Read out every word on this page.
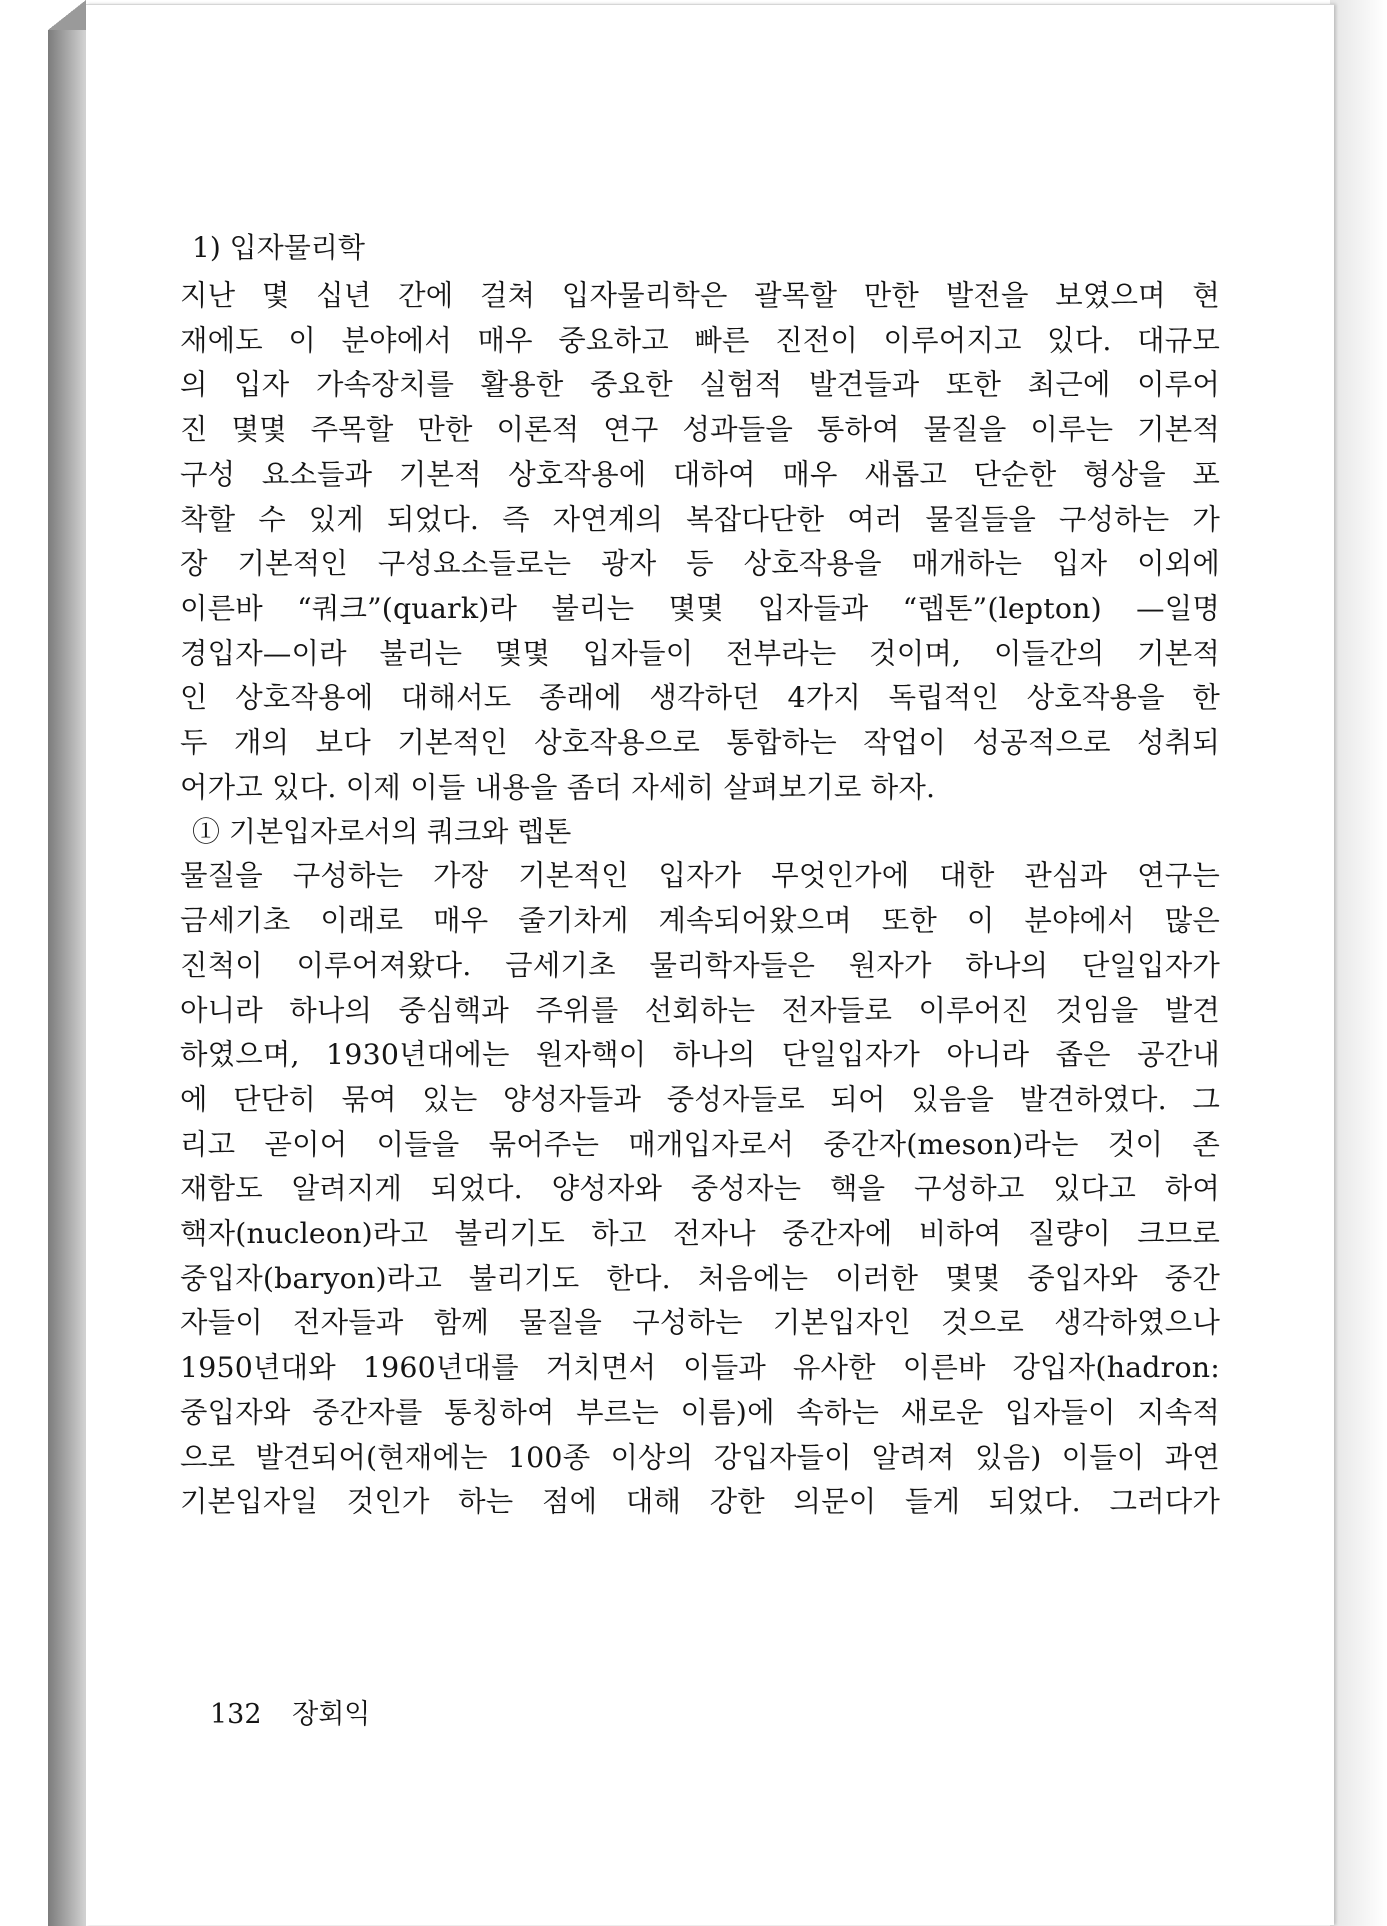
1) 입자물리학
지난 몇 십년 간에 걸쳐 입자물리학은 괄목할 만한 발전을 보였으며 현
재에도 이 분야에서 매우 중요하고 빠른 진전이 이루어지고 있다. 대규모
의 입자 가속장치를 활용한 중요한 실험적 발견들과 또한 최근에 이루어
진 몇몇 주목할 만한 이론적 연구 성과들을 통하여 물질을 이루는 기본적
구성 요소들과 기본적 상호작용에 대하여 매우 새롭고 단순한 형상을 포
착할 수 있게 되었다. 즉 자연계의 복잡다단한 여러 물질들을 구성하는 가
장 기본적인 구성요소들로는 광자 등 상호작용을 매개하는 입자 이외에
이른바 “쿼크”(quark)라 불리는 몇몇 입자들과 “렙톤”(lepton) —일명
경입자—이라 불리는 몇몇 입자들이 전부라는 것이며, 이들간의 기본적
인 상호작용에 대해서도 종래에 생각하던 4가지 독립적인 상호작용을 한
두 개의 보다 기본적인 상호작용으로 통합하는 작업이 성공적으로 성취되
어가고 있다. 이제 이들 내용을 좀더 자세히 살펴보기로 하자.
① 기본입자로서의 쿼크와 렙톤
물질을 구성하는 가장 기본적인 입자가 무엇인가에 대한 관심과 연구는
금세기초 이래로 매우 줄기차게 계속되어왔으며 또한 이 분야에서 많은
진척이 이루어져왔다. 금세기초 물리학자들은 원자가 하나의 단일입자가
아니라 하나의 중심핵과 주위를 선회하는 전자들로 이루어진 것임을 발견
하였으며, 1930년대에는 원자핵이 하나의 단일입자가 아니라 좁은 공간내
에 단단히 묶여 있는 양성자들과 중성자들로 되어 있음을 발견하였다. 그
리고 곧이어 이들을 묶어주는 매개입자로서 중간자(meson)라는 것이 존
재함도 알려지게 되었다. 양성자와 중성자는 핵을 구성하고 있다고 하여
핵자(nucleon)라고 불리기도 하고 전자나 중간자에 비하여 질량이 크므로
중입자(baryon)라고 불리기도 한다. 처음에는 이러한 몇몇 중입자와 중간
자들이 전자들과 함께 물질을 구성하는 기본입자인 것으로 생각하였으나
1950년대와 1960년대를 거치면서 이들과 유사한 이른바 강입자(hadron:
중입자와 중간자를 통칭하여 부르는 이름)에 속하는 새로운 입자들이 지속적
으로 발견되어(현재에는 100종 이상의 강입자들이 알려져 있음) 이들이 과연
기본입자일 것인가 하는 점에 대해 강한 의문이 들게 되었다. 그러다가
132 장회익
